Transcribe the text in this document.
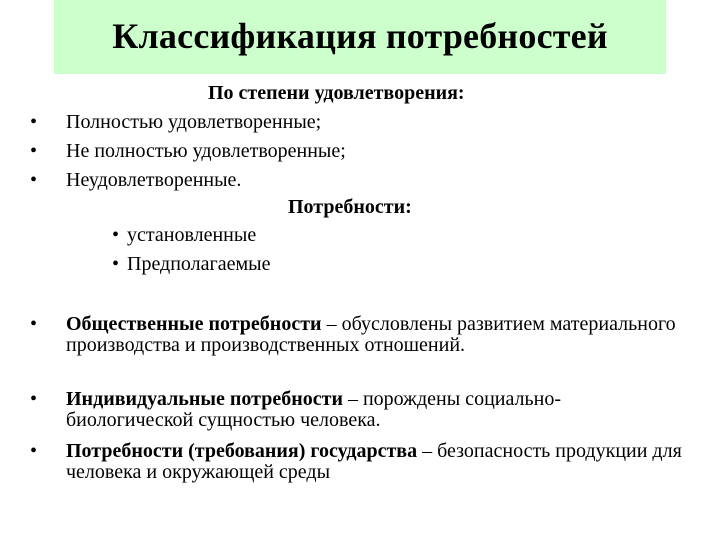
Классификация потребностей
По степени удовлетворения:
• Полностью удовлетворенные;
• Не полностью удовлетворенные;
• Неудовлетворенные.
Потребности:
• установленные
• Предполагаемые
• Общественные потребности – обусловлены развитием материального производства и производственных отношений.
• Индивидуальные потребности – порождены социально-биологической сущностью человека.
• Потребности (требования) государства – безопасность продукции для человека и окружающей среды
